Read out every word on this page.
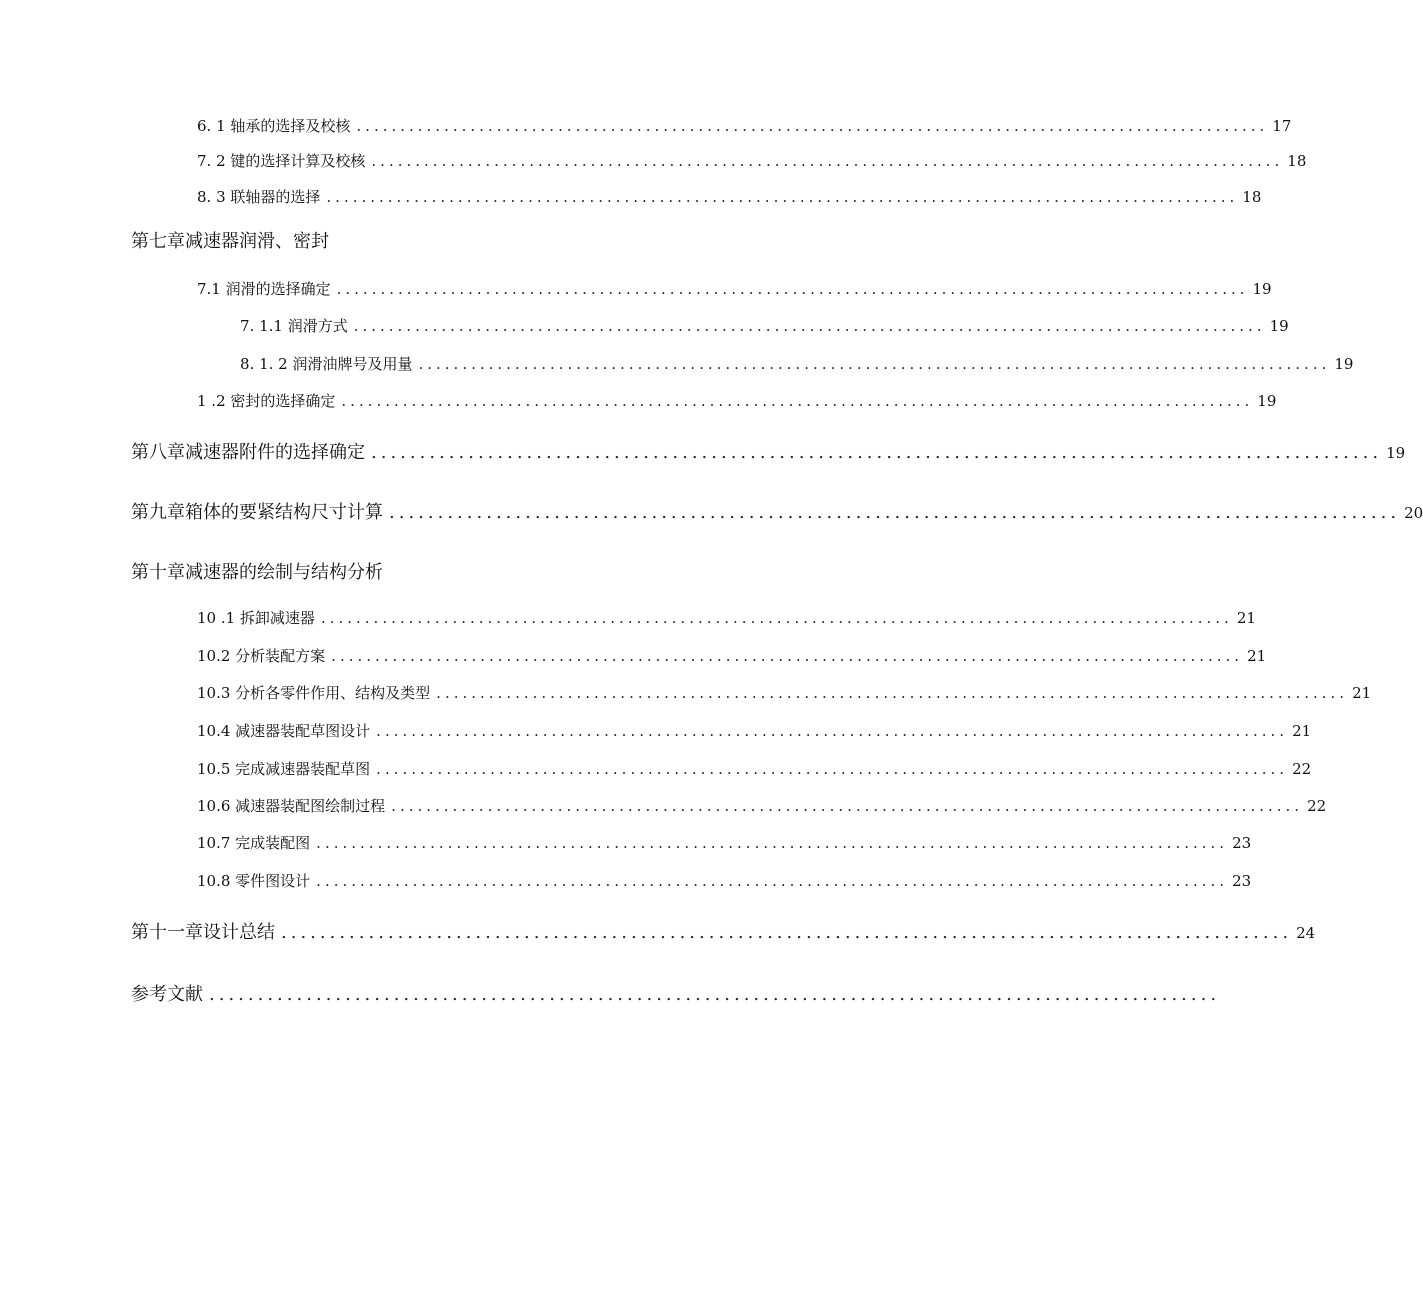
6. 1 轴承的选择及校核 ........................................................................................................ 17
7. 2 键的选择计算及校核 ........................................................................................................ 18
8. 3 联轴器的选择 ........................................................................................................ 18
第七章减速器润滑、密封
7.1 润滑的选择确定 ........................................................................................................ 19
7. 1.1 润滑方式 ........................................................................................................ 19
8. 1. 2 润滑油牌号及用量 ........................................................................................................ 19
1 .2 密封的选择确定 ........................................................................................................ 19
第八章减速器附件的选择确定 ........................................................................................................ 19
第九章箱体的要紧结构尺寸计算 ........................................................................................................ 20
第十章减速器的绘制与结构分析
10 .1 拆卸减速器 ........................................................................................................ 21
10.2 分析装配方案 ........................................................................................................ 21
10.3 分析各零件作用、结构及类型 ........................................................................................................ 21
10.4 减速器装配草图设计 ........................................................................................................ 21
10.5 完成减速器装配草图 ........................................................................................................ 22
10.6 减速器装配图绘制过程 ........................................................................................................ 22
10.7 完成装配图 ........................................................................................................ 23
10.8 零件图设计 ........................................................................................................ 23
第十一章设计总结 ........................................................................................................ 24
参考文献 ........................................................................................................
